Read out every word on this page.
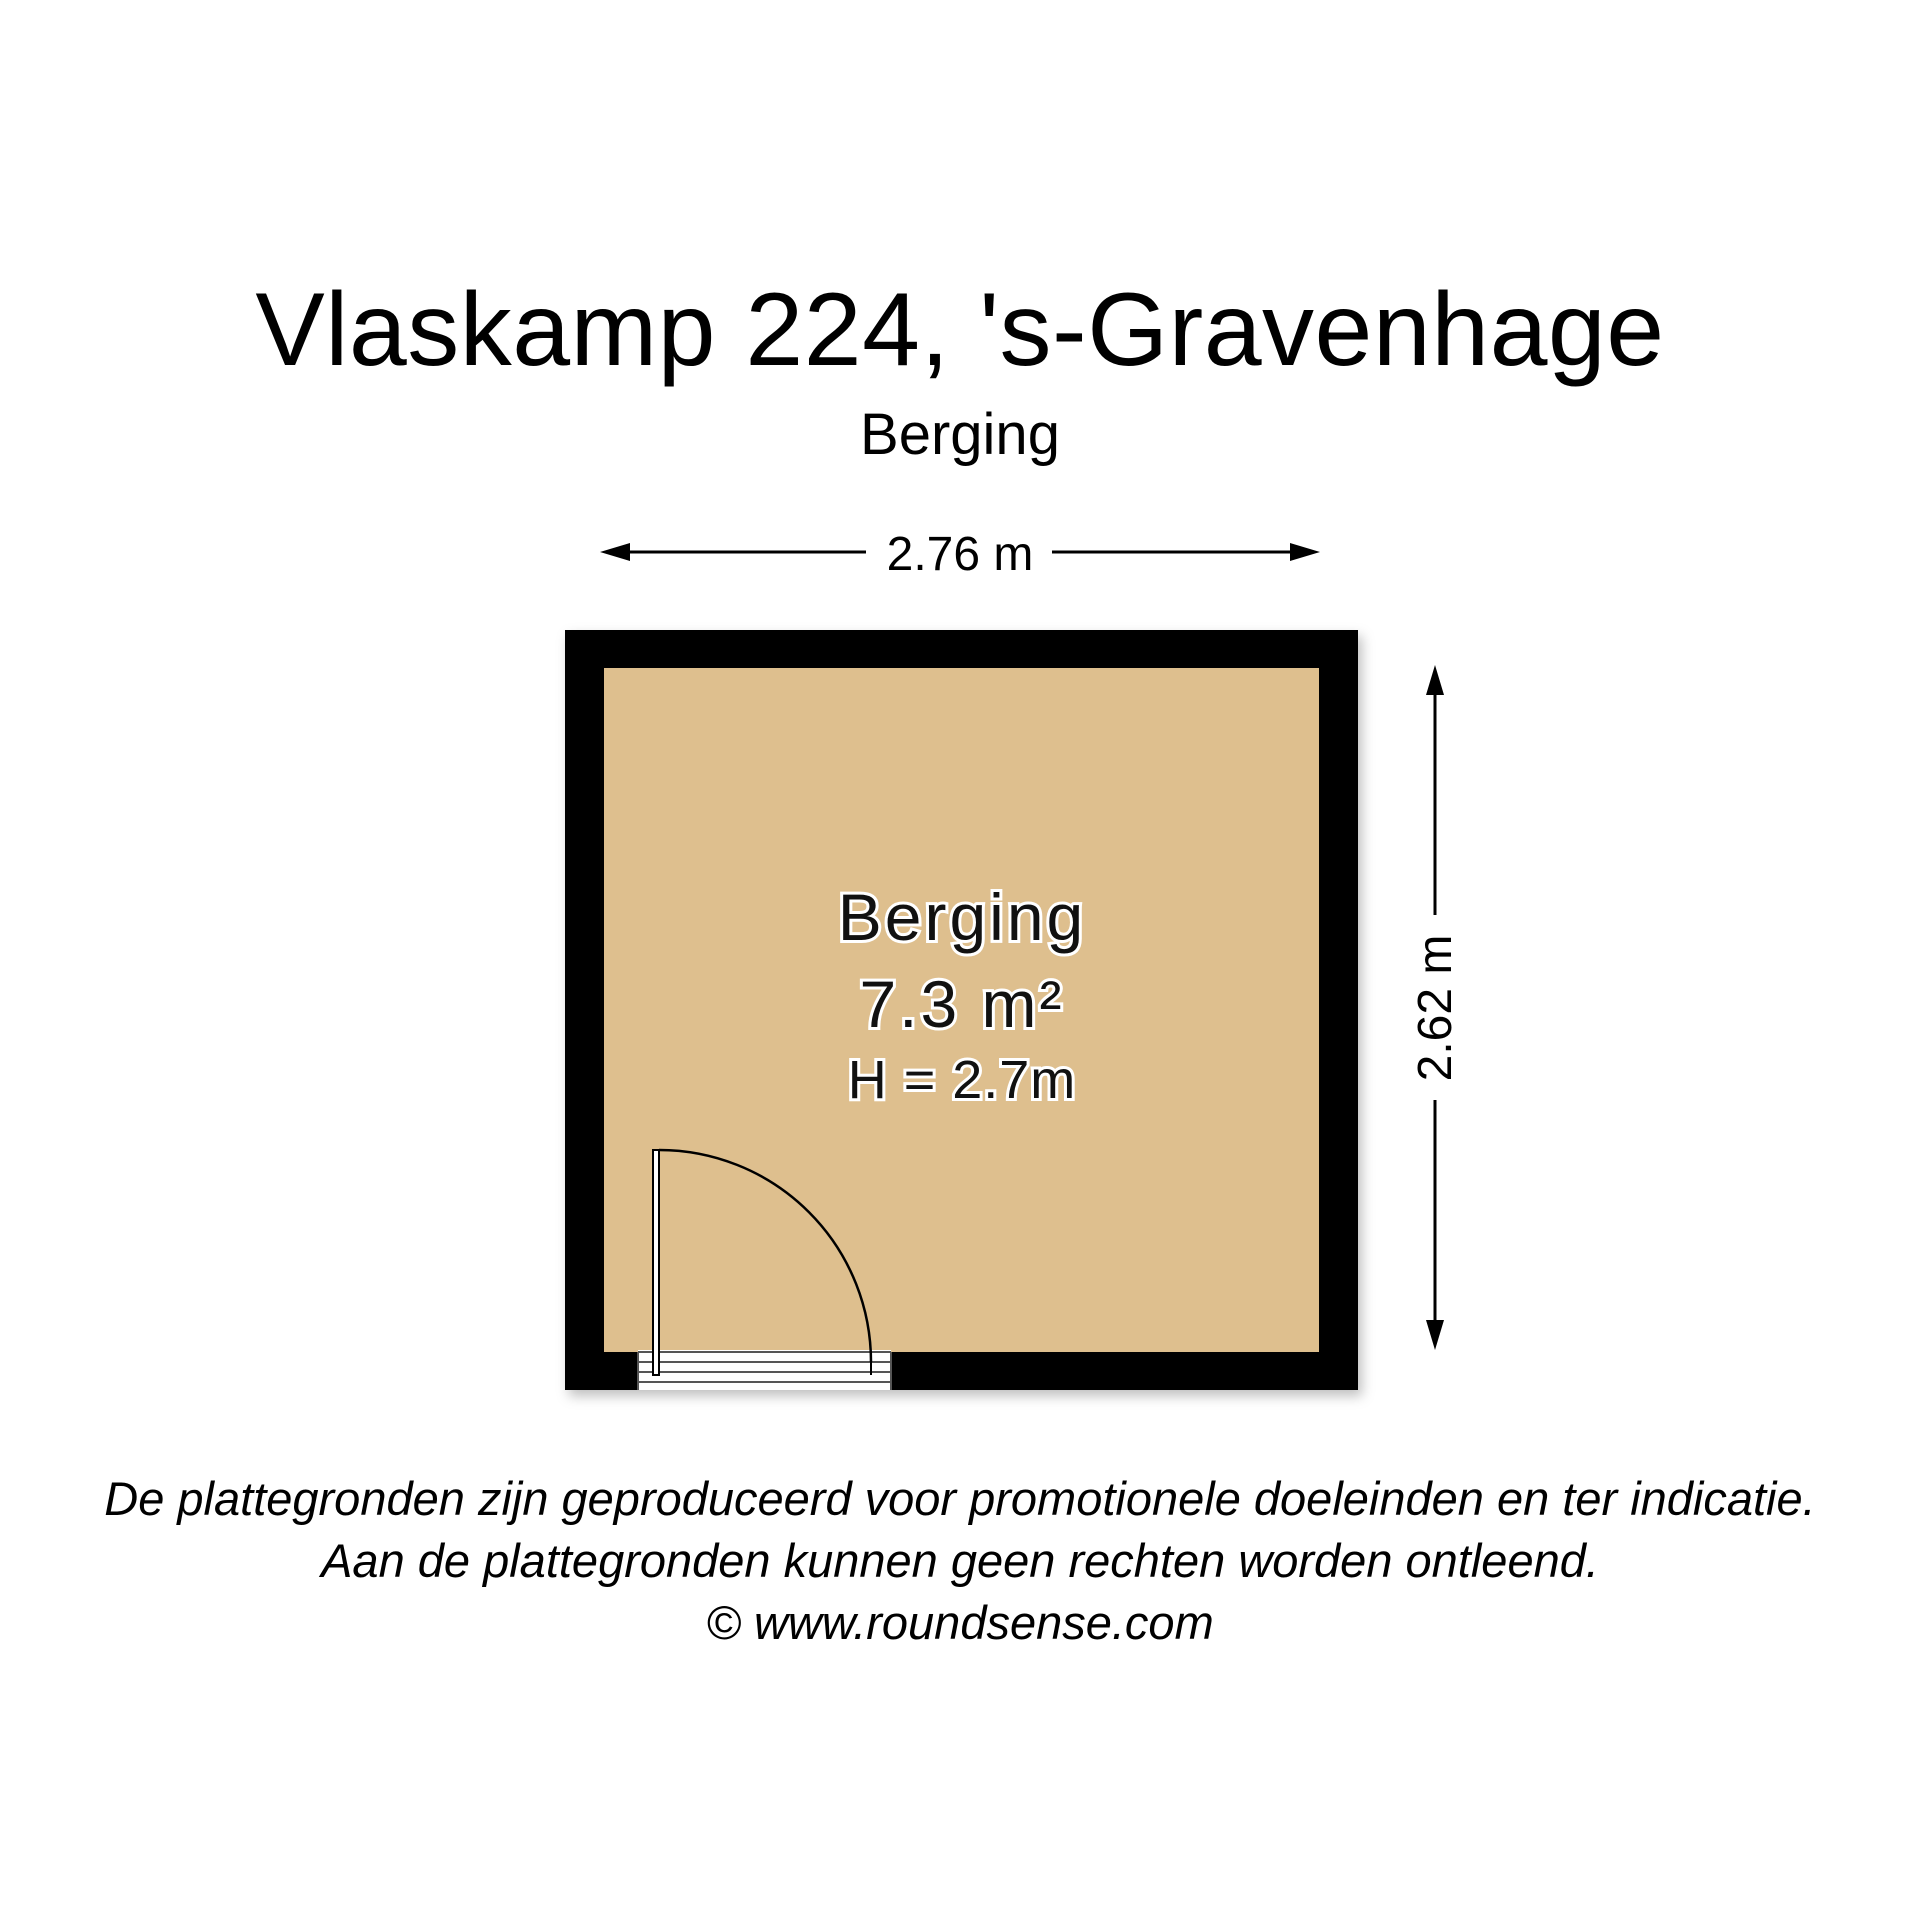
Vlaskamp 224, 's-Gravenhage
Berging
Berging
7.3 m²
H = 2.7m
2.76 m
2.62 m
De plattegronden zijn geproduceerd voor promotionele doeleinden en ter indicatie.
Aan de plattegronden kunnen geen rechten worden ontleend.
© www.roundsense.com
